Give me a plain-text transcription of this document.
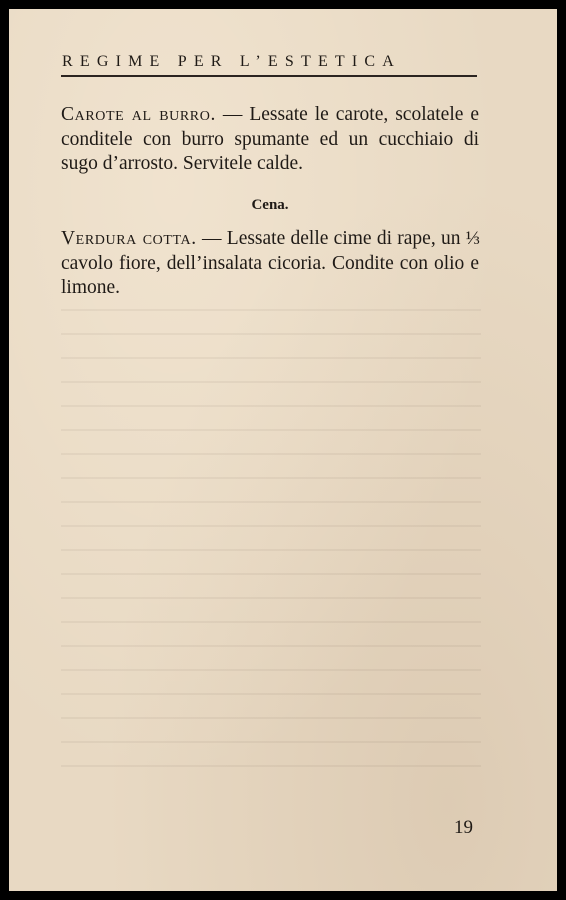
REGIME PER L’ESTETICA
Carote al burro. — Lessate le carote, scolatele e conditele con burro spumante ed un cucchiaio di sugo d’arrosto. Servitele calde.
Cena.
Verdura cotta. — Lessate delle cime di rape, un ⅓ cavolo fiore, dell’insalata cicoria. Condite con olio e limone.
19
